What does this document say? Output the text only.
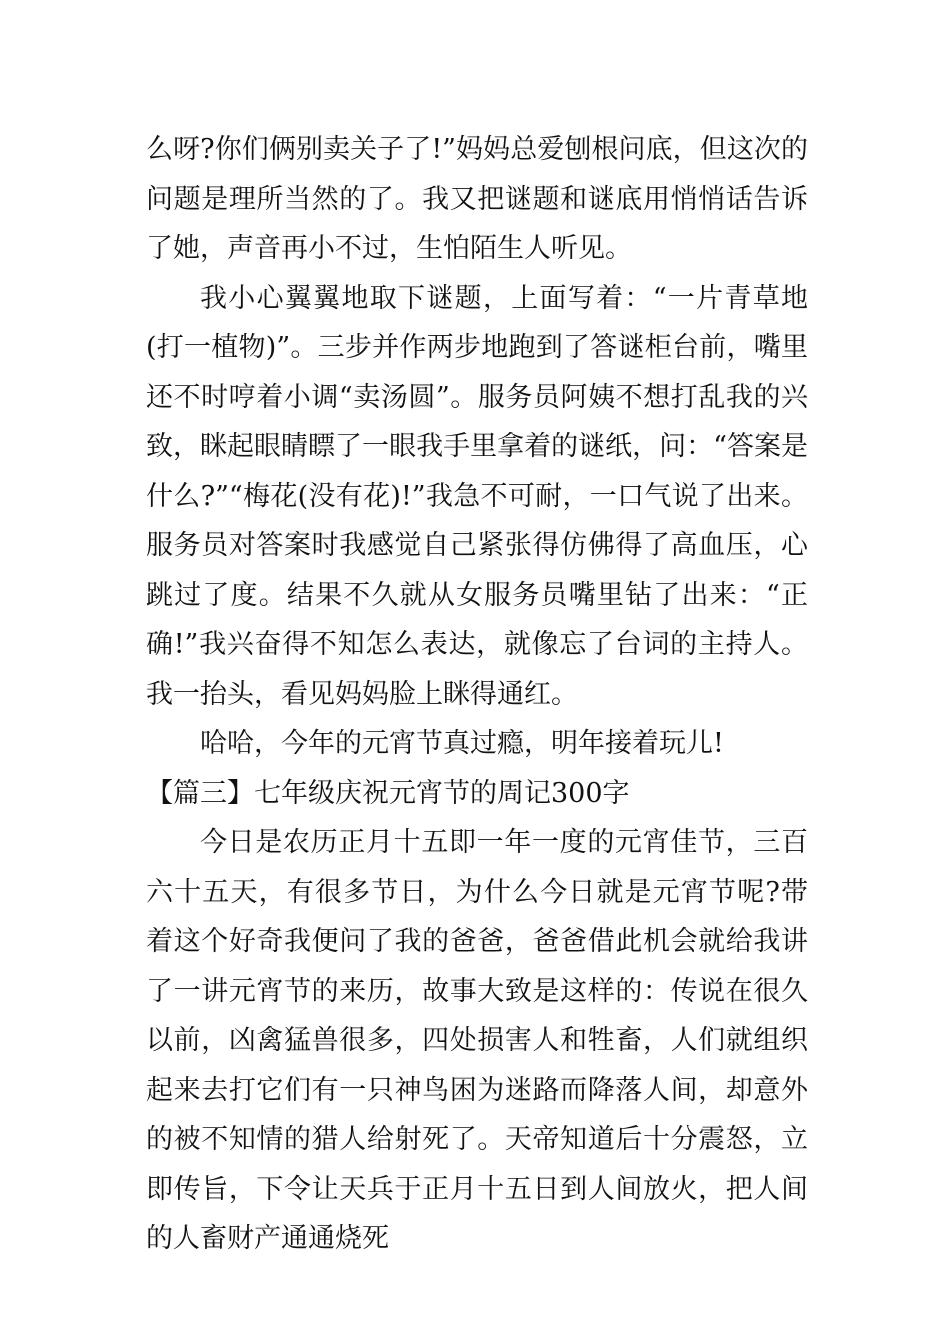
么呀?你们俩别卖关子了!”妈妈总爱刨根问底，但这次的问题是理所当然的了。我又把谜题和谜底用悄悄话告诉了她，声音再小不过，生怕陌生人听见。

我小心翼翼地取下谜题，上面写着：“一片青草地(打一植物)”。三步并作两步地跑到了答谜柜台前，嘴里还不时哼着小调“卖汤圆”。服务员阿姨不想打乱我的兴致，眯起眼睛瞟了一眼我手里拿着的谜纸，问：“答案是什么?”“梅花(没有花)!”我急不可耐，一口气说了出来。服务员对答案时我感觉自己紧张得仿佛得了高血压，心跳过了度。结果不久就从女服务员嘴里钻了出来：“正确!”我兴奋得不知怎么表达，就像忘了台词的主持人。我一抬头，看见妈妈脸上眯得通红。

哈哈，今年的元宵节真过瘾，明年接着玩儿!

【篇三】七年级庆祝元宵节的周记300字

今日是农历正月十五即一年一度的元宵佳节，三百六十五天，有很多节日，为什么今日就是元宵节呢?带着这个好奇我便问了我的爸爸，爸爸借此机会就给我讲了一讲元宵节的来历，故事大致是这样的：传说在很久以前，凶禽猛兽很多，四处损害人和牲畜，人们就组织起来去打它们有一只神鸟困为迷路而降落人间，却意外的被不知情的猎人给射死了。天帝知道后十分震怒，立即传旨，下令让天兵于正月十五日到人间放火，把人间的人畜财产通通烧死
